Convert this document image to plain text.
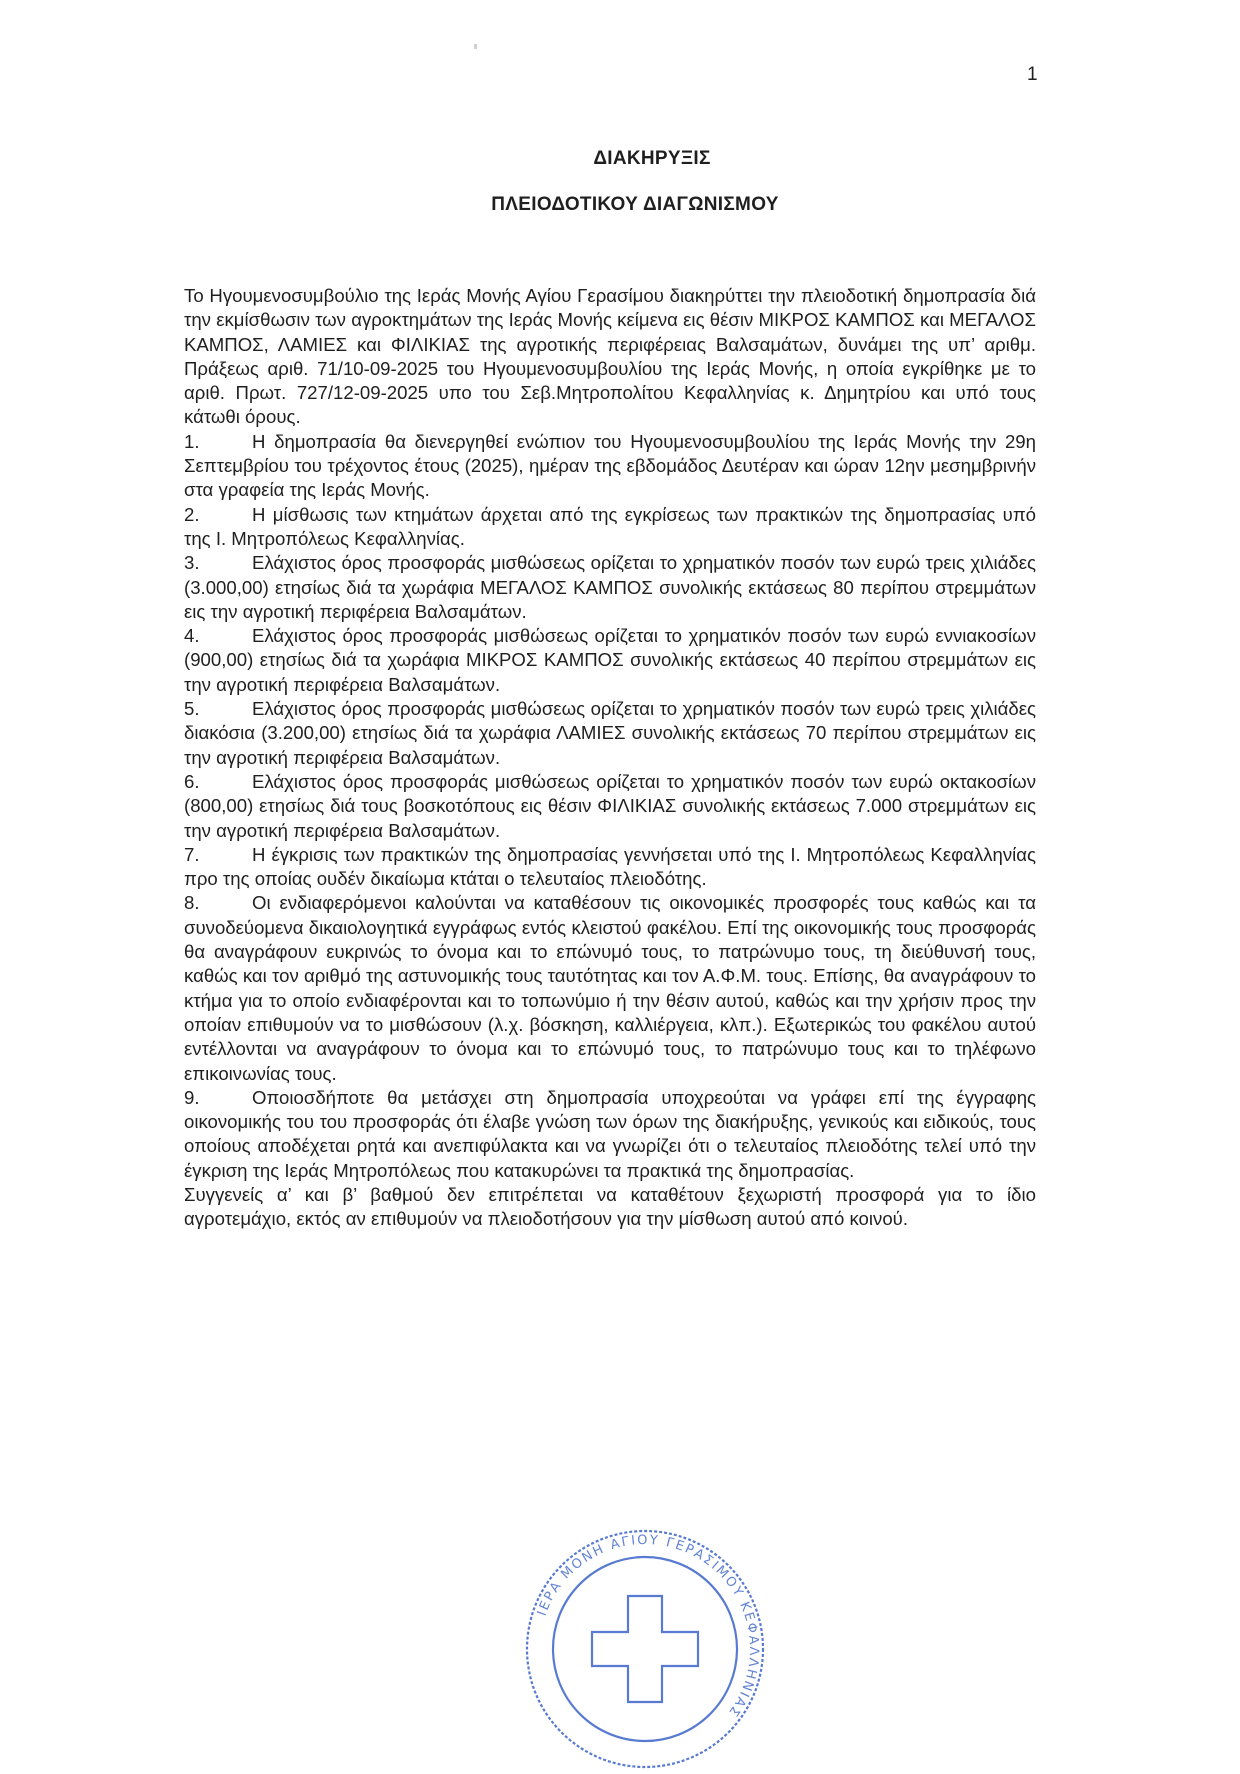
1
ΔΙΑΚΗΡΥΞΙΣ
ΠΛΕΙΟΔΟΤΙΚΟΥ ΔΙΑΓΩΝΙΣΜΟΥ

Το Ηγουμενοσυμβούλιο της Ιεράς Μονής Αγίου Γερασίμου διακηρύττει την πλειοδοτική δημοπρασία διά την εκμίσθωσιν των αγροκτημάτων της Ιεράς Μονής κείμενα εις θέσιν ΜΙΚΡΟΣ ΚΑΜΠΟΣ και ΜΕΓΑΛΟΣ ΚΑΜΠΟΣ, ΛΑΜΙΕΣ και ΦΙΛΙΚΙΑΣ της αγροτικής περιφέρειας Βαλσαμάτων, δυνάμει της υπ’ αριθμ. Πράξεως αριθ. 71/10-09-2025 του Ηγουμενοσυμβουλίου της Ιεράς Μονής, η οποία εγκρίθηκε με το αριθ. Πρωτ. 727/12-09-2025 υπο του Σεβ.Μητροπολίτου Κεφαλληνίας κ. Δημητρίου και υπό τους κάτωθι όρους.

1.	Η δημοπρασία θα διενεργηθεί ενώπιον του Ηγουμενοσυμβουλίου της Ιεράς Μονής την 29η Σεπτεμβρίου του τρέχοντος έτους (2025), ημέραν της εβδομάδος Δευτέραν και ώραν 12ην μεσημβρινήν στα γραφεία της Ιεράς Μονής.

2.	Η μίσθωσις των κτημάτων άρχεται από της εγκρίσεως των πρακτικών της δημοπρασίας υπό της Ι. Μητροπόλεως Κεφαλληνίας.

3.	Ελάχιστος όρος προσφοράς μισθώσεως ορίζεται το χρηματικόν ποσόν των ευρώ τρεις χιλιάδες (3.000,00) ετησίως διά τα χωράφια ΜΕΓΑΛΟΣ ΚΑΜΠΟΣ συνολικής εκτάσεως 80 περίπου στρεμμάτων εις την αγροτική περιφέρεια Βαλσαμάτων.

4.	Ελάχιστος όρος προσφοράς μισθώσεως ορίζεται το χρηματικόν ποσόν των ευρώ εννιακοσίων (900,00) ετησίως διά τα χωράφια ΜΙΚΡΟΣ ΚΑΜΠΟΣ συνολικής εκτάσεως 40 περίπου στρεμμάτων εις την αγροτική περιφέρεια Βαλσαμάτων.

5.	Ελάχιστος όρος προσφοράς μισθώσεως ορίζεται το χρηματικόν ποσόν των ευρώ τρεις χιλιάδες διακόσια (3.200,00) ετησίως διά τα χωράφια ΛΑΜΙΕΣ συνολικής εκτάσεως 70 περίπου στρεμμάτων εις την αγροτική περιφέρεια Βαλσαμάτων.

6.	Ελάχιστος όρος προσφοράς μισθώσεως ορίζεται το χρηματικόν ποσόν των ευρώ οκτακοσίων (800,00) ετησίως διά τους βοσκοτόπους εις θέσιν ΦΙΛΙΚΙΑΣ συνολικής εκτάσεως 7.000 στρεμμάτων εις την αγροτική περιφέρεια Βαλσαμάτων.

7.	Η έγκρισις των πρακτικών της δημοπρασίας γεννήσεται υπό της Ι. Μητροπόλεως Κεφαλληνίας προ της οποίας ουδέν δικαίωμα κτάται ο τελευταίος πλειοδότης.

8.	Οι ενδιαφερόμενοι καλούνται να καταθέσουν τις οικονομικές προσφορές τους καθώς και τα συνοδεύομενα δικαιολογητικά εγγράφως εντός κλειστού φακέλου. Επί της οικονομικής τους προσφοράς θα αναγράφουν ευκρινώς το όνομα και το επώνυμό τους, το πατρώνυμο τους, τη διεύθυνσή τους, καθώς και τον αριθμό της αστυνομικής τους ταυτότητας και τον Α.Φ.Μ. τους. Επίσης, θα αναγράφουν το κτήμα για το οποίο ενδιαφέρονται και το τοπωνύμιο ή την θέσιν αυτού, καθώς και την χρήσιν προς την οποίαν επιθυμούν να το μισθώσουν (λ.χ. βόσκηση, καλλιέργεια, κλπ.). Εξωτερικώς του φακέλου αυτού εντέλλονται να αναγράφουν το όνομα και το επώνυμό τους, το πατρώνυμο τους και το τηλέφωνο επικοινωνίας τους.

9.	Οποιοσδήποτε θα μετάσχει στη δημοπρασία υποχρεούται να γράφει επί της έγγραφης οικονομικής του του προσφοράς ότι έλαβε γνώση των όρων της διακήρυξης, γενικούς και ειδικούς, τους οποίους αποδέχεται ρητά και ανεπιφύλακτα και να γνωρίζει ότι ο τελευταίος πλειοδότης τελεί υπό την έγκριση της Ιεράς Μητροπόλεως που κατακυρώνει τα πρακτικά της δημοπρασίας.

Συγγενείς α’ και β’ βαθμού δεν επιτρέπεται να καταθέτουν ξεχωριστή προσφορά για το ίδιο αγροτεμάχιο, εκτός αν επιθυμούν να πλειοδοτήσουν για την μίσθωση αυτού από κοινού.

ΙΕΡΑ ΜΟΝΗ ΑΓΙΟΥ ΓΕΡΑΣΙΜΟΥ ΚΕΦΑΛΛΗΝΙΑΣ
